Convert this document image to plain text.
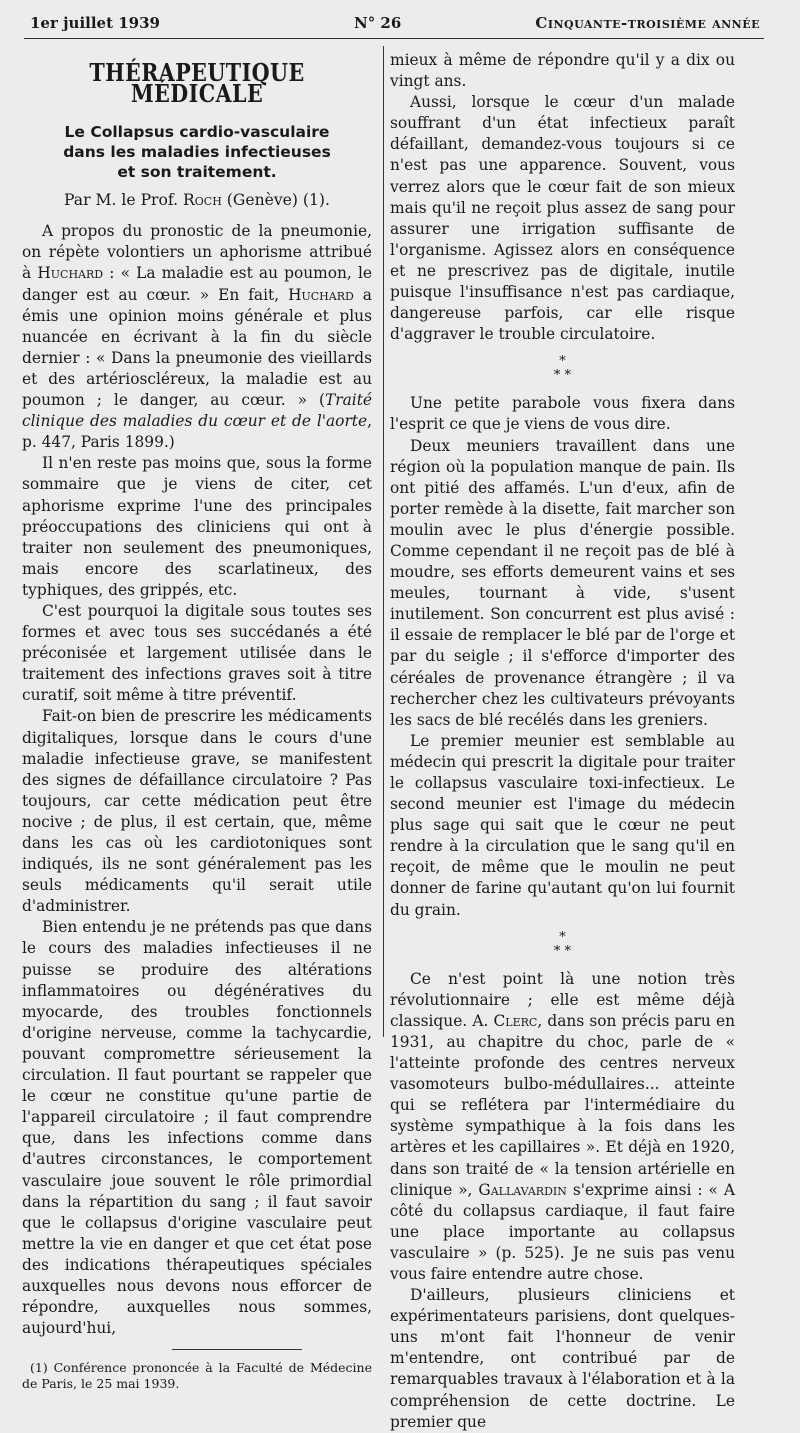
1er juillet 1939	N° 26	Cinquante-troisième année
THÉRAPEUTIQUE MÉDICALE
Le Collapsus cardio-vasculaire
dans les maladies infectieuses
et son traitement.

Par M. le Prof. Roch (Genève) (1).

A propos du pronostic de la pneumonie, on répète volontiers un aphorisme attribué à Huchard : « La maladie est au poumon, le danger est au cœur. » En fait, Huchard a émis une opinion moins générale et plus nuancée en écrivant à la fin du siècle dernier : « Dans la pneumonie des vieillards et des artérioscléreux, la maladie est au poumon ; le danger, au cœur. » (Traité clinique des maladies du cœur et de l'aorte, p. 447, Paris 1899.)

Il n'en reste pas moins que, sous la forme sommaire que je viens de citer, cet aphorisme exprime l'une des principales préoccupations des cliniciens qui ont à traiter non seulement des pneumoniques, mais encore des scarlatineux, des typhiques, des grippés, etc.

C'est pourquoi la digitale sous toutes ses formes et avec tous ses succédanés a été préconisée et largement utilisée dans le traitement des infections graves soit à titre curatif, soit même à titre préventif.

Fait-on bien de prescrire les médicaments digitaliques, lorsque dans le cours d'une maladie infectieuse grave, se manifestent des signes de défaillance circulatoire ? Pas toujours, car cette médication peut être nocive ; de plus, il est certain, que, même dans les cas où les cardiotoniques sont indiqués, ils ne sont généralement pas les seuls médicaments qu'il serait utile d'administrer.

Bien entendu je ne prétends pas que dans le cours des maladies infectieuses il ne puisse se produire des altérations inflammatoires ou dégénératives du myocarde, des troubles fonctionnels d'origine nerveuse, comme la tachycardie, pouvant compromettre sérieusement la circulation. Il faut pourtant se rappeler que le cœur ne constitue qu'une partie de l'appareil circulatoire ; il faut comprendre que, dans les infections comme dans d'autres circonstances, le comportement vasculaire joue souvent le rôle primordial dans la répartition du sang ; il faut savoir que le collapsus d'origine vasculaire peut mettre la vie en danger et que cet état pose des indications thérapeutiques spéciales auxquelles nous devons nous efforcer de répondre, auxquelles nous sommes, aujourd'hui,

(1) Conférence prononcée à la Faculté de Médecine de Paris, le 25 mai 1939.

mieux à même de répondre qu'il y a dix ou vingt ans.

Aussi, lorsque le cœur d'un malade souffrant d'un état infectieux paraît défaillant, demandez-vous toujours si ce n'est pas une apparence. Souvent, vous verrez alors que le cœur fait de son mieux mais qu'il ne reçoit plus assez de sang pour assurer une irrigation suffisante de l'organisme. Agissez alors en conséquence et ne prescrivez pas de digitale, inutile puisque l'insuffisance n'est pas cardiaque, dangereuse parfois, car elle risque d'aggraver le trouble circulatoire.

*
* *

Une petite parabole vous fixera dans l'esprit ce que je viens de vous dire.

Deux meuniers travaillent dans une région où la population manque de pain. Ils ont pitié des affamés. L'un d'eux, afin de porter remède à la disette, fait marcher son moulin avec le plus d'énergie possible. Comme cependant il ne reçoit pas de blé à moudre, ses efforts demeurent vains et ses meules, tournant à vide, s'usent inutilement. Son concurrent est plus avisé : il essaie de remplacer le blé par de l'orge et par du seigle ; il s'efforce d'importer des céréales de provenance étrangère ; il va rechercher chez les cultivateurs prévoyants les sacs de blé recélés dans les greniers.

Le premier meunier est semblable au médecin qui prescrit la digitale pour traiter le collapsus vasculaire toxi-infectieux. Le second meunier est l'image du médecin plus sage qui sait que le cœur ne peut rendre à la circulation que le sang qu'il en reçoit, de même que le moulin ne peut donner de farine qu'autant qu'on lui fournit du grain.

*
* *

Ce n'est point là une notion très révolutionnaire ; elle est même déjà classique. A. Clerc, dans son précis paru en 1931, au chapitre du choc, parle de « l'atteinte profonde des centres nerveux vasomoteurs bulbo-médullaires... atteinte qui se reflétera par l'intermédiaire du système sympathique à la fois dans les artères et les capillaires ». Et déjà en 1920, dans son traité de « la tension artérielle en clinique », Gallavardin s'exprime ainsi : « A côté du collapsus cardiaque, il faut faire une place importante au collapsus vasculaire » (p. 525). Je ne suis pas venu vous faire entendre autre chose.

D'ailleurs, plusieurs cliniciens et expérimentateurs parisiens, dont quelques-uns m'ont fait l'honneur de venir m'entendre, ont contribué par de remarquables travaux à l'élaboration et à la compréhension de cette doctrine. Le premier que
